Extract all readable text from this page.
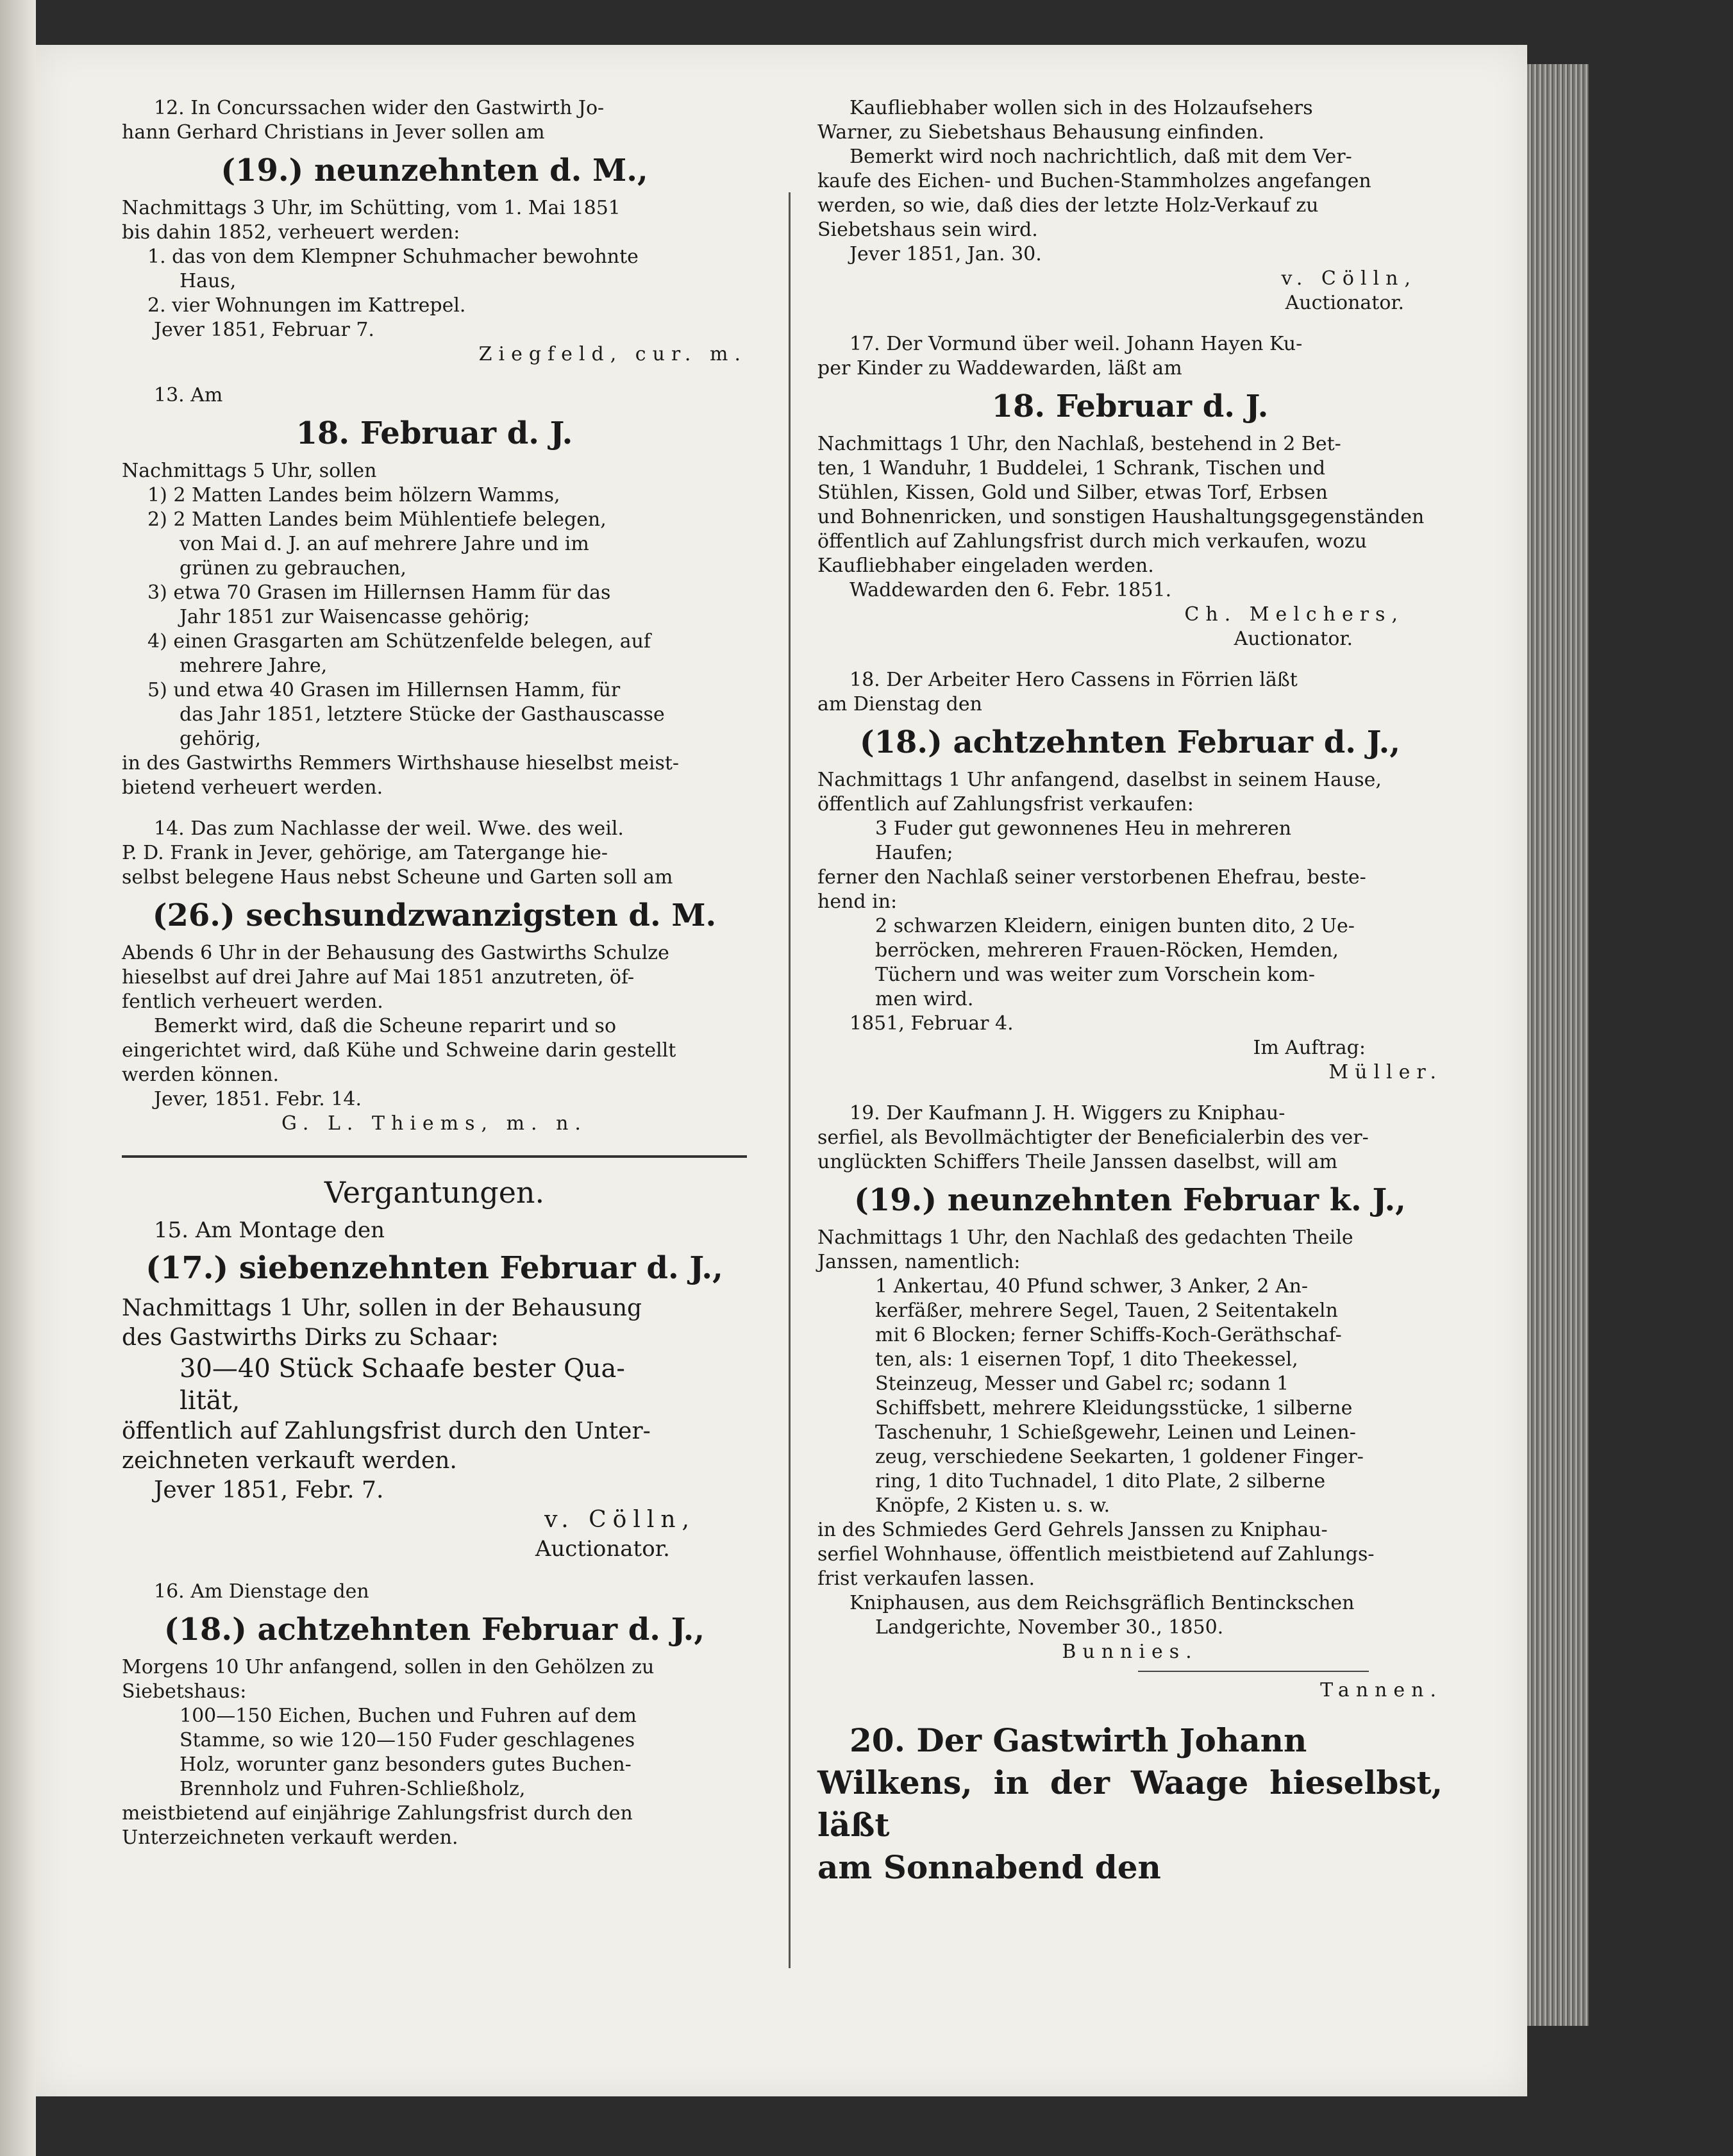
12. In Concurssachen wider den Gastwirth Jo-
hann Gerhard Christians in Jever sollen am
(19.) neunzehnten d. M.,
Nachmittags 3 Uhr, im Schütting, vom 1. Mai 1851
bis dahin 1852, verheuert werden:
1. das von dem Klempner Schuhmacher bewohnte
Haus,
2. vier Wohnungen im Kattrepel.
Jever 1851, Februar 7.
Ziegfeld, cur. m.
13. Am
18. Februar d. J.
Nachmittags 5 Uhr, sollen
1) 2 Matten Landes beim hölzern Wamms,
2) 2 Matten Landes beim Mühlentiefe belegen,
von Mai d. J. an auf mehrere Jahre und im
grünen zu gebrauchen,
3) etwa 70 Grasen im Hillernsen Hamm für das
Jahr 1851 zur Waisencasse gehörig;
4) einen Grasgarten am Schützenfelde belegen, auf
mehrere Jahre,
5) und etwa 40 Grasen im Hillernsen Hamm, für
das Jahr 1851, letztere Stücke der Gasthauscasse
gehörig,
in des Gastwirths Remmers Wirthshause hieselbst meist-
bietend verheuert werden.
14. Das zum Nachlasse der weil. Wwe. des weil.
P. D. Frank in Jever, gehörige, am Tatergange hie-
selbst belegene Haus nebst Scheune und Garten soll am
(26.) sechsundzwanzigsten d. M.
Abends 6 Uhr in der Behausung des Gastwirths Schulze
hieselbst auf drei Jahre auf Mai 1851 anzutreten, öf-
fentlich verheuert werden.
Bemerkt wird, daß die Scheune reparirt und so
eingerichtet wird, daß Kühe und Schweine darin gestellt
werden können.
Jever, 1851. Febr. 14.
G. L. Thiems, m. n.
Vergantungen.
15. Am Montage den
(17.) siebenzehnten Februar d. J.,
Nachmittags 1 Uhr, sollen in der Behausung
des Gastwirths Dirks zu Schaar:
30—40 Stück Schaafe bester Qua-
lität,
öffentlich auf Zahlungsfrist durch den Unter-
zeichneten verkauft werden.
Jever 1851, Febr. 7.
v. Cölln,
Auctionator.
16. Am Dienstage den
(18.) achtzehnten Februar d. J.,
Morgens 10 Uhr anfangend, sollen in den Gehölzen zu
Siebetshaus:
100—150 Eichen, Buchen und Fuhren auf dem
Stamme, so wie 120—150 Fuder geschlagenes
Holz, worunter ganz besonders gutes Buchen-
Brennholz und Fuhren-Schließholz,
meistbietend auf einjährige Zahlungsfrist durch den
Unterzeichneten verkauft werden.
Kaufliebhaber wollen sich in des Holzaufsehers
Warner, zu Siebetshaus Behausung einfinden.
Bemerkt wird noch nachrichtlich, daß mit dem Ver-
kaufe des Eichen- und Buchen-Stammholzes angefangen
werden, so wie, daß dies der letzte Holz-Verkauf zu
Siebetshaus sein wird.
Jever 1851, Jan. 30.
v. Cölln,
Auctionator.
17. Der Vormund über weil. Johann Hayen Ku-
per Kinder zu Waddewarden, läßt am
18. Februar d. J.
Nachmittags 1 Uhr, den Nachlaß, bestehend in 2 Bet-
ten, 1 Wanduhr, 1 Buddelei, 1 Schrank, Tischen und
Stühlen, Kissen, Gold und Silber, etwas Torf, Erbsen
und Bohnenricken, und sonstigen Haushaltungsgegenständen
öffentlich auf Zahlungsfrist durch mich verkaufen, wozu
Kaufliebhaber eingeladen werden.
Waddewarden den 6. Febr. 1851.
Ch. Melchers,
Auctionator.
18. Der Arbeiter Hero Cassens in Förrien läßt
am Dienstag den
(18.) achtzehnten Februar d. J.,
Nachmittags 1 Uhr anfangend, daselbst in seinem Hause,
öffentlich auf Zahlungsfrist verkaufen:
3 Fuder gut gewonnenes Heu in mehreren
Haufen;
ferner den Nachlaß seiner verstorbenen Ehefrau, beste-
hend in:
2 schwarzen Kleidern, einigen bunten dito, 2 Ue-
berröcken, mehreren Frauen-Röcken, Hemden,
Tüchern und was weiter zum Vorschein kom-
men wird.
1851, Februar 4.
Im Auftrag:
Müller.
19. Der Kaufmann J. H. Wiggers zu Kniphau-
serfiel, als Bevollmächtigter der Beneficialerbin des ver-
unglückten Schiffers Theile Janssen daselbst, will am
(19.) neunzehnten Februar k. J.,
Nachmittags 1 Uhr, den Nachlaß des gedachten Theile
Janssen, namentlich:
1 Ankertau, 40 Pfund schwer, 3 Anker, 2 An-
kerfäßer, mehrere Segel, Tauen, 2 Seitentakeln
mit 6 Blocken; ferner Schiffs-Koch-Geräthschaf-
ten, als: 1 eisernen Topf, 1 dito Theekessel,
Steinzeug, Messer und Gabel rc; sodann 1
Schiffsbett, mehrere Kleidungsstücke, 1 silberne
Taschenuhr, 1 Schießgewehr, Leinen und Leinen-
zeug, verschiedene Seekarten, 1 goldener Finger-
ring, 1 dito Tuchnadel, 1 dito Plate, 2 silberne
Knöpfe, 2 Kisten u. s. w.
in des Schmiedes Gerd Gehrels Janssen zu Kniphau-
serfiel Wohnhause, öffentlich meistbietend auf Zahlungs-
frist verkaufen lassen.
Kniphausen, aus dem Reichsgräflich Bentinckschen
Landgerichte, November 30., 1850.
Bunnies.
Tannen.
20. Der Gastwirth Johann
Wilkens, in der Waage hieselbst, läßt
am Sonnabend den
